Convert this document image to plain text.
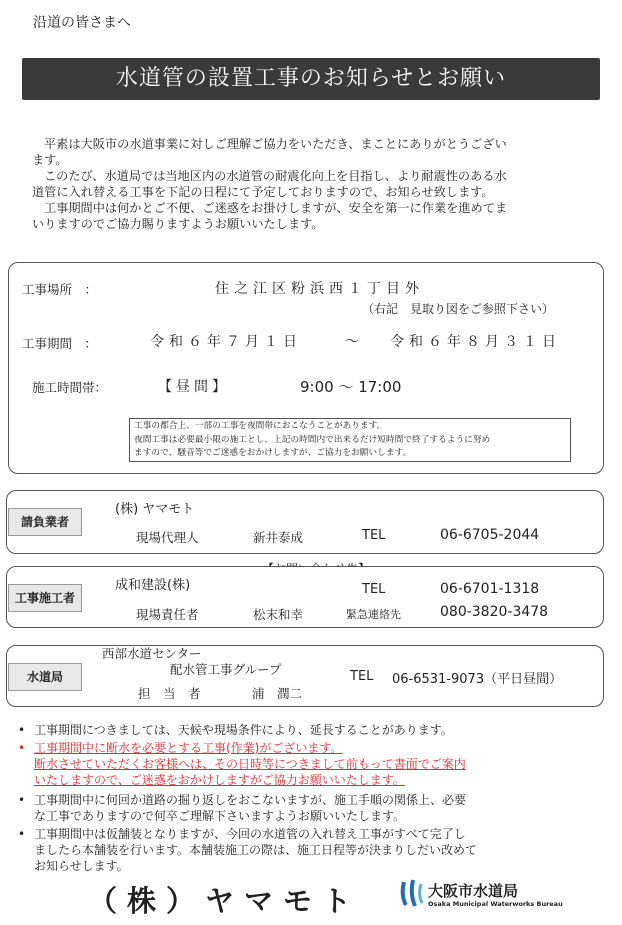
沿道の皆さまへ
水道管の設置工事のお知らせとお願い
平素は大阪市の水道事業に対しご理解ご協力をいただき、まことにありがとうござい
ます。
このたび、水道局では当地区内の水道管の耐震化向上を目指し、より耐震性のある水
道管に入れ替える工事を下記の日程にて予定しておりますので、お知らせ致します。
工事期間中は何かとご不便、ご迷惑をお掛けしますが、安全を第一に作業を進めてま
いりますのでご協力賜りますようお願いいたします。
工事場所　：	住之江区粉浜西１丁目外
（右記　見取り図をご参照下さい）
工事期間　：	令和６年７月１日	～ 令和６年８月３１日
施工時間帯：	【昼間】	9:00 ～ 17:00
工事の都合上、一部の工事を夜間帯におこなうことがあります。
夜間工事は必要最小限の施工とし、上記の時間内で出来るだけ短時間で終了するように努め
ますので、騒音等でご迷惑をおかけしますが、ご協力をお願いします。
請負業者
(株) ヤマモト
現場代理人	新井泰成	TEL	06-6705-2044
工事施工者
成和建設(株)
現場責任者	松末和幸
TEL	06-6701-1318
緊急連絡先	080-3820-3478
水道局
西部水道センター
配水管工事グループ
担　当　者	浦　潤二
TEL 06-6531-9073（平日昼間）
• 工事期間につきましては、天候や現場条件により、延長することがあります。
• 工事期間中に断水を必要とする工事(作業)がございます。
断水させていただくお客様へは、その日時等につきまして前もって書面でご案内
いたしますので、ご迷惑をおかけしますがご協力お願いいたします。
• 工事期間中に何回か道路の掘り返しをおこないますが、施工手順の関係上、必要
な工事でありますので何卒ご理解下さいますようお願いいたします。
• 工事期間中は仮舗装となりますが、今回の水道管の入れ替え工事がすべて完了し
ましたら本舗装を行います。本舗装施工の際は、施工日程等が決まりしだい改めて
お知らせします。
（株）ヤマモト	大阪市水道局
Osaka Municipal Waterworks Bureau
